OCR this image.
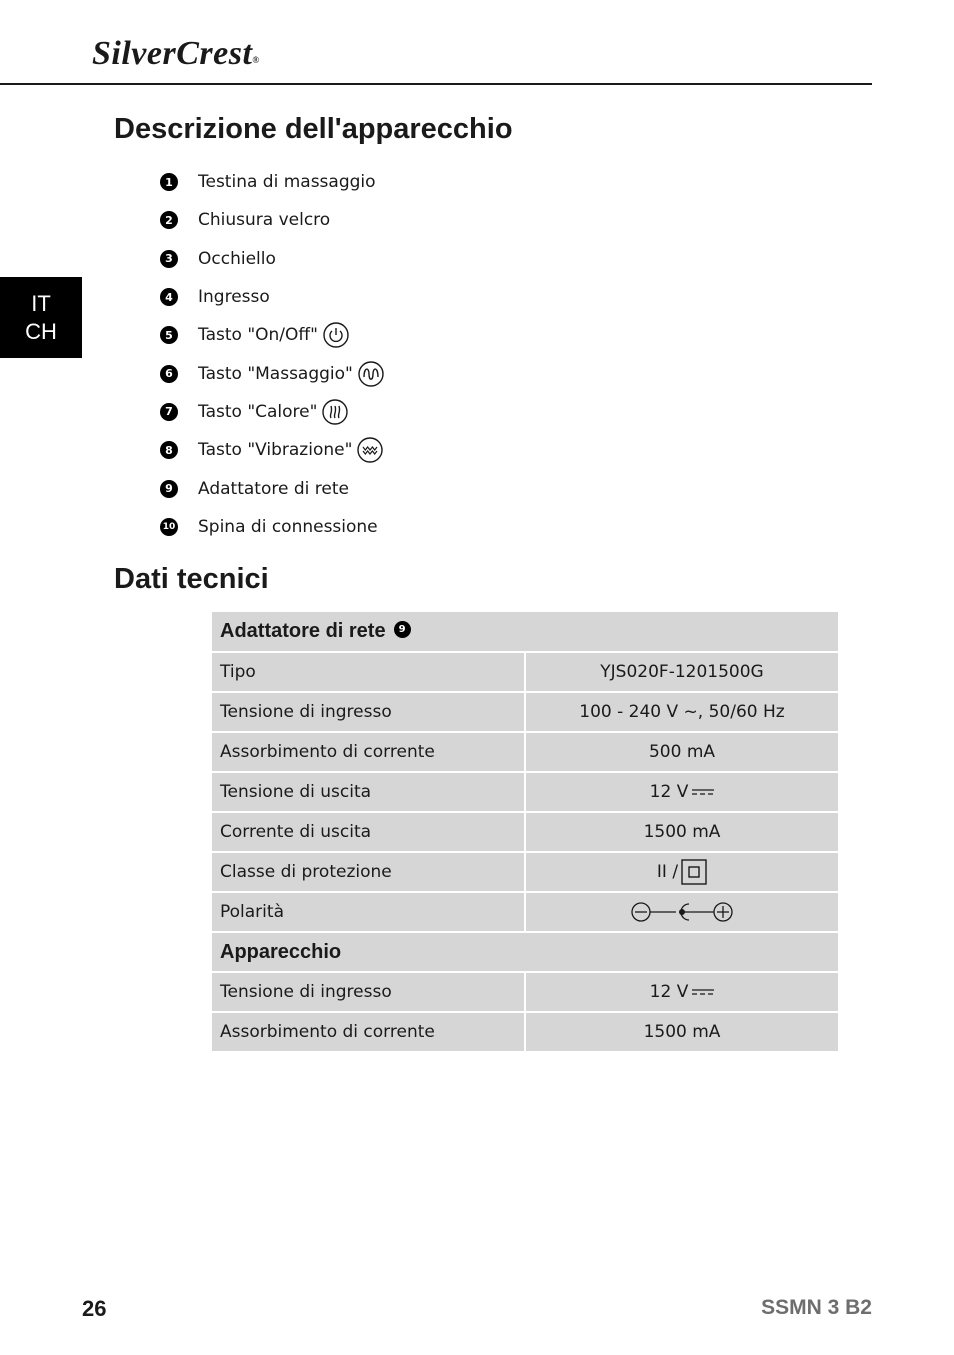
SilverCrest®
IT
CH
Descrizione dell'apparecchio
1	Testina di massaggio
2	Chiusura velcro
3	Occhiello
4	Ingresso
5	Tasto "On/Off"
6	Tasto "Massaggio"
7	Tasto "Calore"
8	Tasto "Vibrazione"
9	Adattatore di rete
10 Spina di connessione
Dati tecnici
Adattatore di rete 9	
Tipo	YJS020F-1201500G
Tensione di ingresso	100 - 240 V ~, 50/60 Hz
Assorbimento di corrente	500 mA
Tensione di uscita	12 V
Corrente di uscita	1500 mA
Classe di protezione	II /
Polarità	
Apparecchio	
Tensione di ingresso	12 V
Assorbimento di corrente	1500 mA
26	SSMN 3 B2
